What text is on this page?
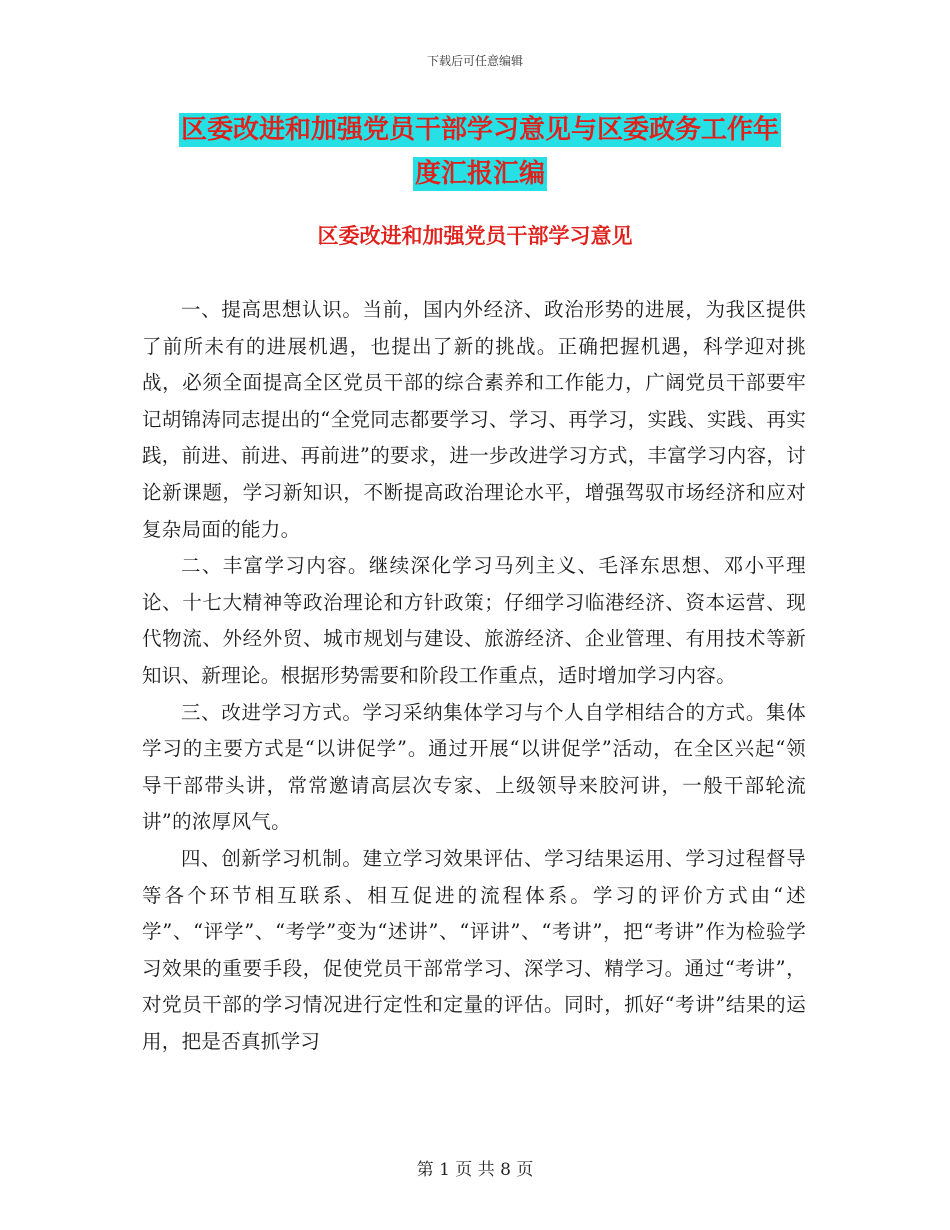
下载后可任意编辑
区委改进和加强党员干部学习意见与区委政务工作年
度汇报汇编
区委改进和加强党员干部学习意见

一、提高思想认识。当前，国内外经济、政治形势的进展，为我区提供了前所未有的进展机遇，也提出了新的挑战。正确把握机遇，科学迎对挑战，必须全面提高全区党员干部的综合素养和工作能力，广阔党员干部要牢记胡锦涛同志提出的“全党同志都要学习、学习、再学习，实践、实践、再实践，前进、前进、再前进”的要求，进一步改进学习方式，丰富学习内容，讨论新课题，学习新知识，不断提高政治理论水平，增强驾驭市场经济和应对复杂局面的能力。

二、丰富学习内容。继续深化学习马列主义、毛泽东思想、邓小平理论、十七大精神等政治理论和方针政策；仔细学习临港经济、资本运营、现代物流、外经外贸、城市规划与建设、旅游经济、企业管理、有用技术等新知识、新理论。根据形势需要和阶段工作重点，适时增加学习内容。

三、改进学习方式。学习采纳集体学习与个人自学相结合的方式。集体学习的主要方式是“以讲促学”。通过开展“以讲促学”活动，在全区兴起“领导干部带头讲，常常邀请高层次专家、上级领导来胶河讲，一般干部轮流讲”的浓厚风气。

四、创新学习机制。建立学习效果评估、学习结果运用、学习过程督导等各个环节相互联系、相互促进的流程体系。学习的评价方式由“述学”、“评学”、“考学”变为“述讲”、“评讲”、“考讲”，把“考讲”作为检验学习效果的重要手段，促使党员干部常学习、深学习、精学习。通过“考讲”，对党员干部的学习情况进行定性和定量的评估。同时，抓好“考讲”结果的运用，把是否真抓学习

第 1 页 共 8 页
